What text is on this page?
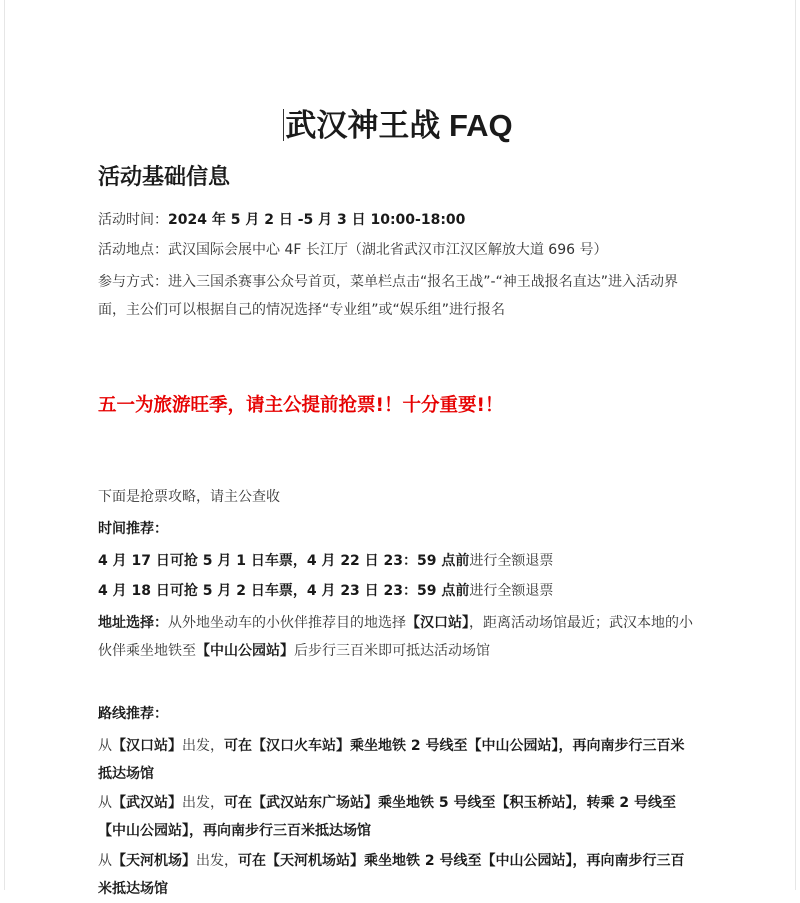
武汉神王战 FAQ
活动基础信息

活动时间：2024 年 5 月 2 日 -5 月 3 日 10:00-18:00

活动地点：武汉国际会展中心 4F 长江厅（湖北省武汉市江汉区解放大道 696 号）

参与方式：进入三国杀赛事公众号首页，菜单栏点击“报名王战”-“神王战报名直达”进入活动界面，主公们可以根据自己的情况选择“专业组”或“娱乐组”进行报名

五一为旅游旺季，请主公提前抢票!！十分重要!！

下面是抢票攻略，请主公查收

时间推荐：

4 月 17 日可抢 5 月 1 日车票，4 月 22 日 23：59 点前进行全额退票

4 月 18 日可抢 5 月 2 日车票，4 月 23 日 23：59 点前进行全额退票

地址选择：从外地坐动车的小伙伴推荐目的地选择【汉口站】，距离活动场馆最近；武汉本地的小伙伴乘坐地铁至【中山公园站】后步行三百米即可抵达活动场馆

路线推荐：

从【汉口站】出发，可在【汉口火车站】乘坐地铁 2 号线至【中山公园站】，再向南步行三百米抵达场馆

从【武汉站】出发，可在【武汉站东广场站】乘坐地铁 5 号线至【积玉桥站】，转乘 2 号线至【中山公园站】，再向南步行三百米抵达场馆

从【天河机场】出发，可在【天河机场站】乘坐地铁 2 号线至【中山公园站】，再向南步行三百米抵达场馆
